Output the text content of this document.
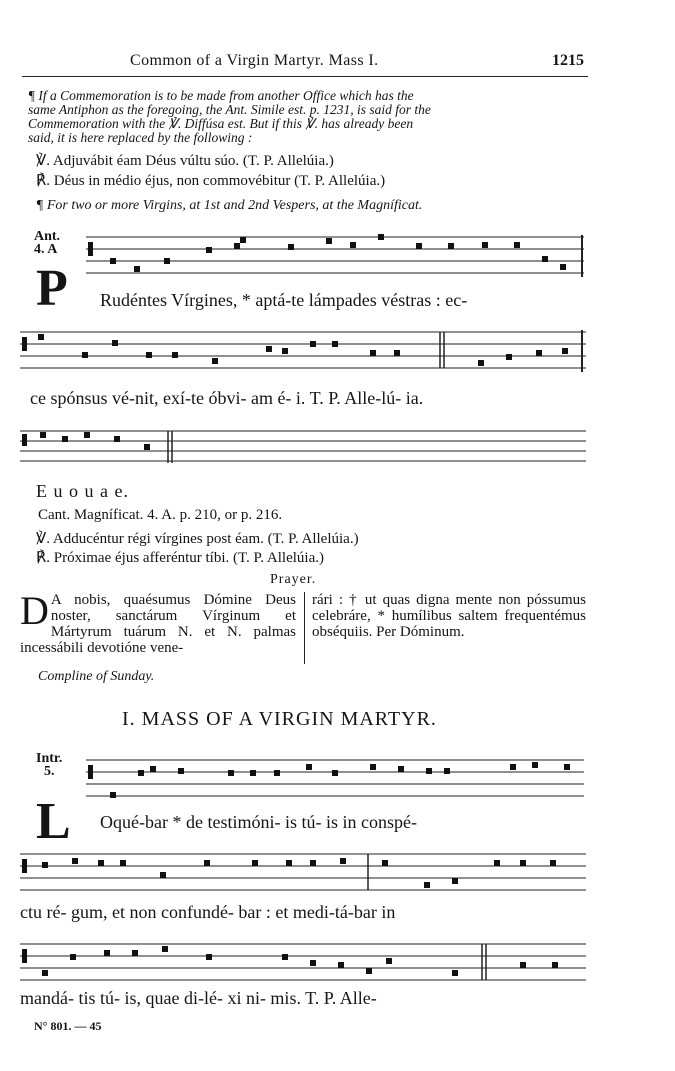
Common of a Virgin Martyr. Mass I.	1215
¶ If a Commemoration is to be made from another Office which has the
same Antiphon as the foregoing, the Ant. Simile est. p. 1231, is said for the
Commemoration with the ℣. Diffúsa est. But if this ℣. has already been
said, it is here replaced by the following :
℣. Adjuvábit éam Déus vúltu súo. (T. P. Allelúia.)
℟. Déus in médio éjus, non commovébitur (T. P. Allelúia.)
¶ For two or more Virgins, at 1st and 2nd Vespers, at the Magníficat.
Ant.
4. A
P Rudéntes Vírgines, * aptá-te lámpades véstras : ec-
ce spónsus vé-nit, exí-te óbvi- am é- i. T. P. Alle-lú- ia.
E u o u a e.
Cant. Magníficat. 4. A. p. 210, or p. 216.
℣. Adducéntur régi vírgines post éam. (T. P. Allelúia.)
℟. Próximae éjus afferéntur tíbi. (T. P. Allelúia.)
Prayer.
D A nobis, quaésumus Dómine Deus noster, sanctárum Vírginum et Mártyrum tuárum N. et N. palmas incessábili devotióne vene-
rári : † ut quas digna mente non póssumus celebráre, * humílibus saltem frequentémus obséquiis. Per Dóminum.
Compline of Sunday.
I. MASS OF A VIRGIN MARTYR.
Intr.
5.
L Oqué-bar * de testimóni- is tú- is in conspé-
ctu ré- gum, et non confundé- bar : et medi-tá-bar in
mandá- tis tú- is, quae di-lé- xi ni- mis. T. P. Alle-
N° 801. — 45
